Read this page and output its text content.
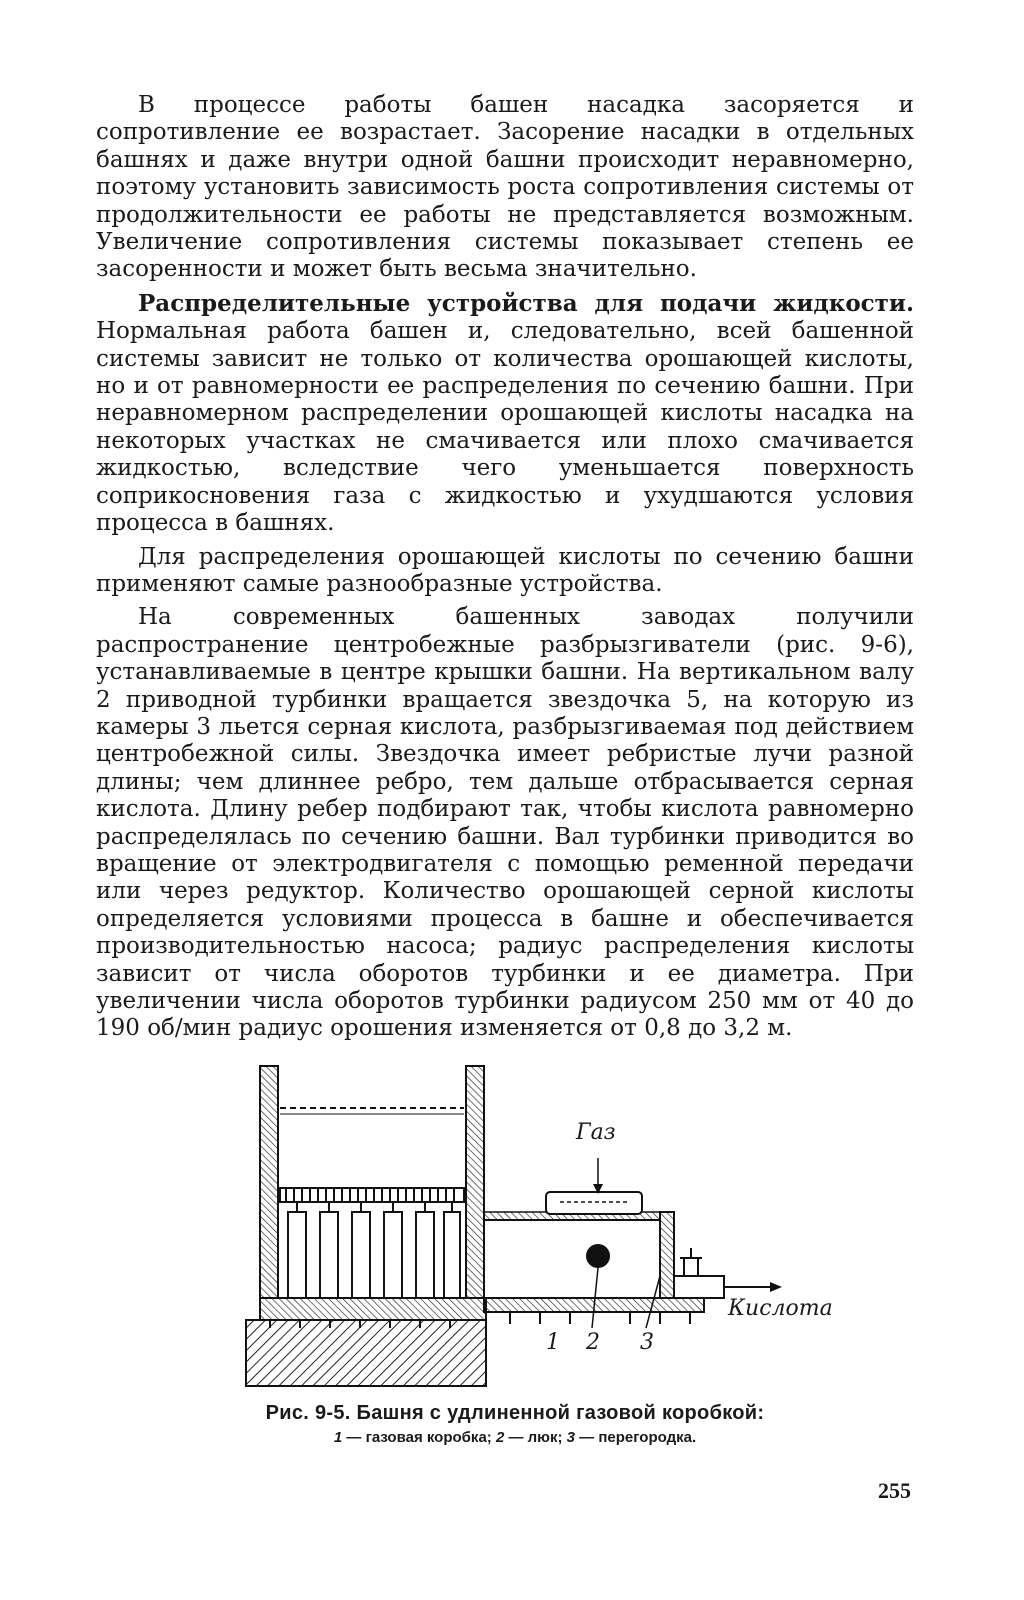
В процессе работы башен насадка засоряется и сопротивление ее возрастает. Засорение насадки в отдельных башнях и даже внутри одной башни происходит неравномерно, поэтому установить зависимость роста сопротивления системы от продолжительности ее работы не представляется возможным. Увеличение сопротивления системы показывает степень ее засоренности и может быть весьма значительно.

Распределительные устройства для подачи жидкости. Нормальная работа башен и, следовательно, всей башенной системы зависит не только от количества орошающей кислоты, но и от равномерности ее распределения по сечению башни. При неравномерном распределении орошающей кислоты насадка на некоторых участках не смачивается или плохо смачивается жидкостью, вследствие чего уменьшается поверхность соприкосновения газа с жидкостью и ухудшаются условия процесса в башнях.

Для распределения орошающей кислоты по сечению башни применяют самые разнообразные устройства.

На современных башенных заводах получили распространение центробежные разбрызгиватели (рис. 9-6), устанавливаемые в центре крышки башни. На вертикальном валу 2 приводной турбинки вращается звездочка 5, на которую из камеры 3 льется серная кислота, разбрызгиваемая под действием центробежной силы. Звездочка имеет ребристые лучи разной длины; чем длиннее ребро, тем дальше отбрасывается серная кислота. Длину ребер подбирают так, чтобы кислота равномерно распределялась по сечению башни. Вал турбинки приводится во вращение от электродвигателя с помощью ременной передачи или через редуктор. Количество орошающей серной кислоты определяется условиями процесса в башне и обеспечивается производительностью насоса; радиус распределения кислоты зависит от числа оборотов турбинки и ее диаметра. При увеличении числа оборотов турбинки радиусом 250 мм от 40 до 190 об/мин радиус орошения изменяется от 0,8 до 3,2 м.

Газ
Кислота
1 2 3
Рис. 9-5. Башня с удлиненной газовой коробкой:
1 — газовая коробка; 2 — люк; 3 — перегородка.
255
